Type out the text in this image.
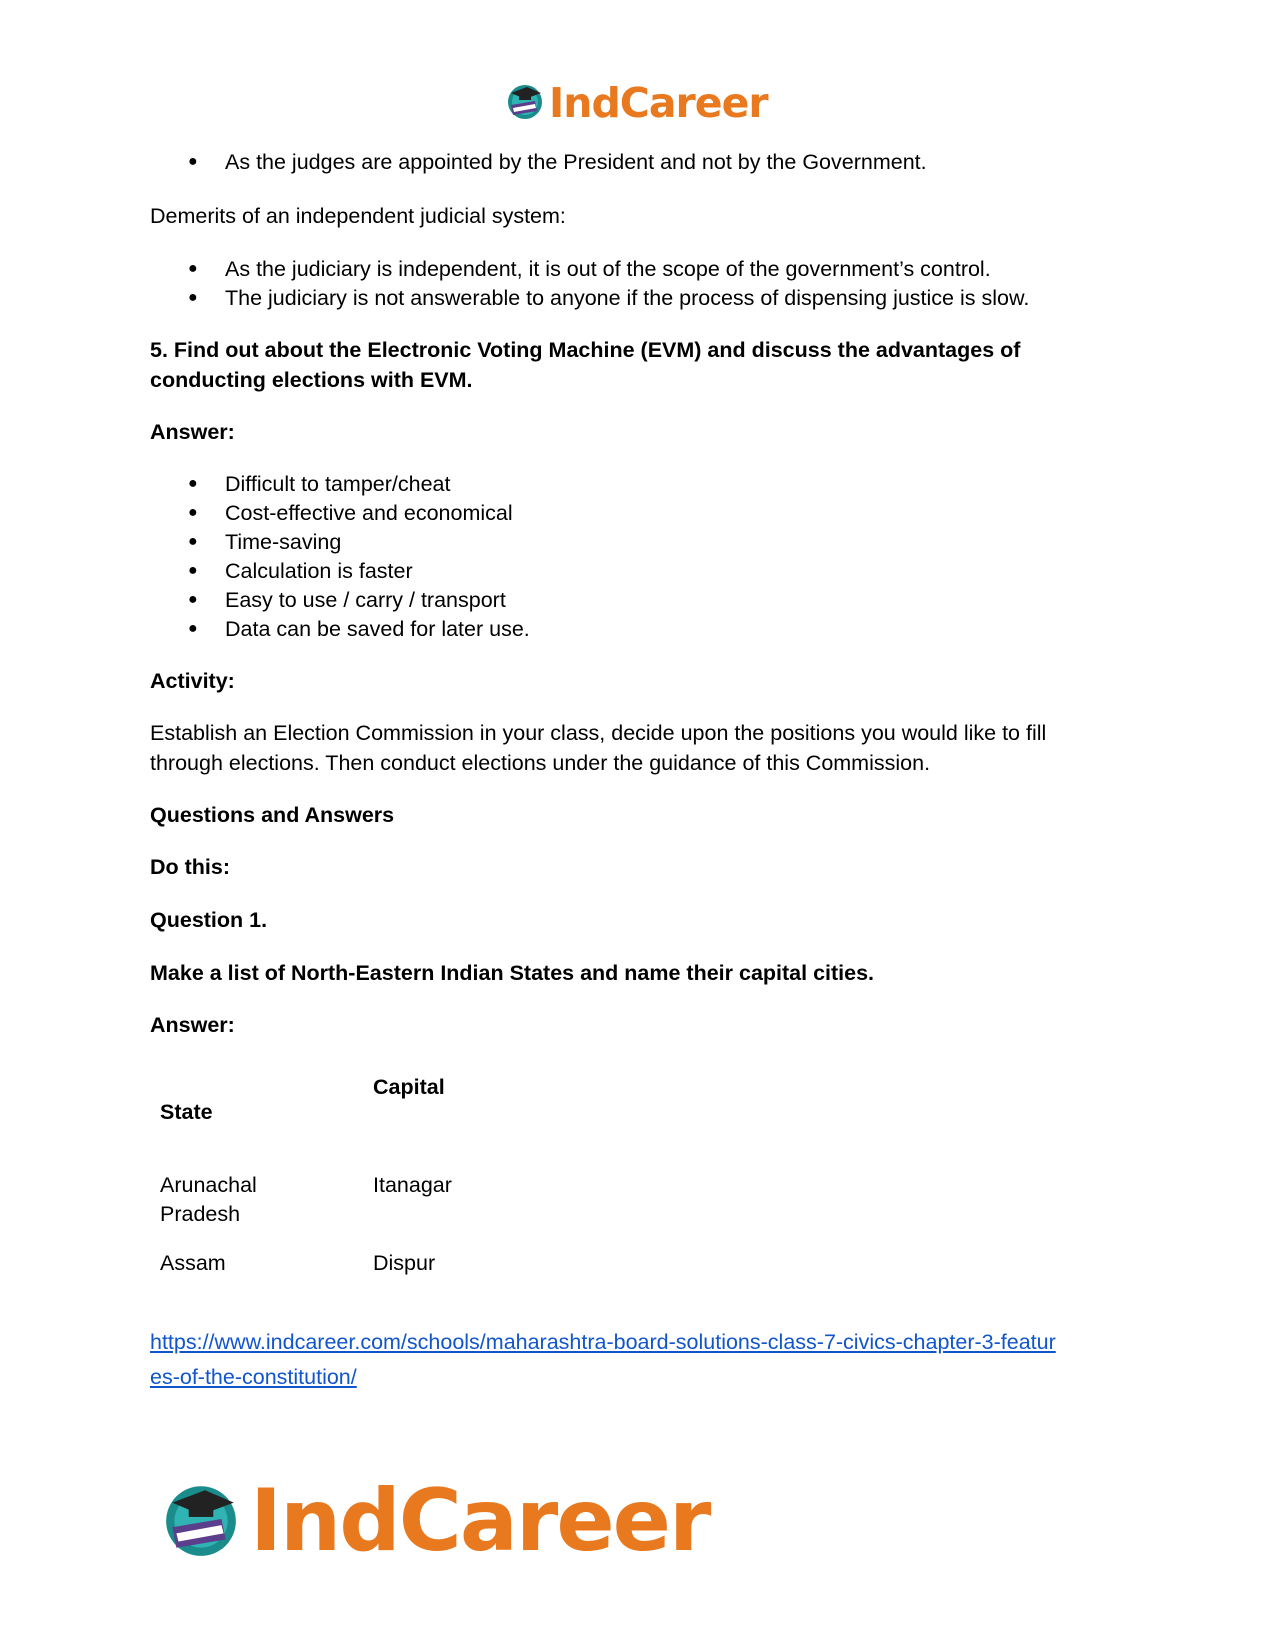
IndCareer
● As the judges are appointed by the President and not by the Government.
Demerits of an independent judicial system:
● As the judiciary is independent, it is out of the scope of the government’s control.
● The judiciary is not answerable to anyone if the process of dispensing justice is slow.
5. Find out about the Electronic Voting Machine (EVM) and discuss the advantages of
conducting elections with EVM.
Answer:
● Difficult to tamper/cheat
● Cost-effective and economical
● Time-saving
● Calculation is faster
● Easy to use / carry / transport
● Data can be saved for later use.
Activity:
Establish an Election Commission in your class, decide upon the positions you would like to fill
through elections. Then conduct elections under the guidance of this Commission.
Questions and Answers
Do this:
Question 1.
Make a list of North-Eastern Indian States and name their capital cities.
Answer:
Capital
State
Arunachal
Pradesh
Itanagar
Assam	Dispur
https://www.indcareer.com/schools/maharashtra-board-solutions-class-7-civics-chapter-3-featur
es-of-the-constitution/
IndCareer
